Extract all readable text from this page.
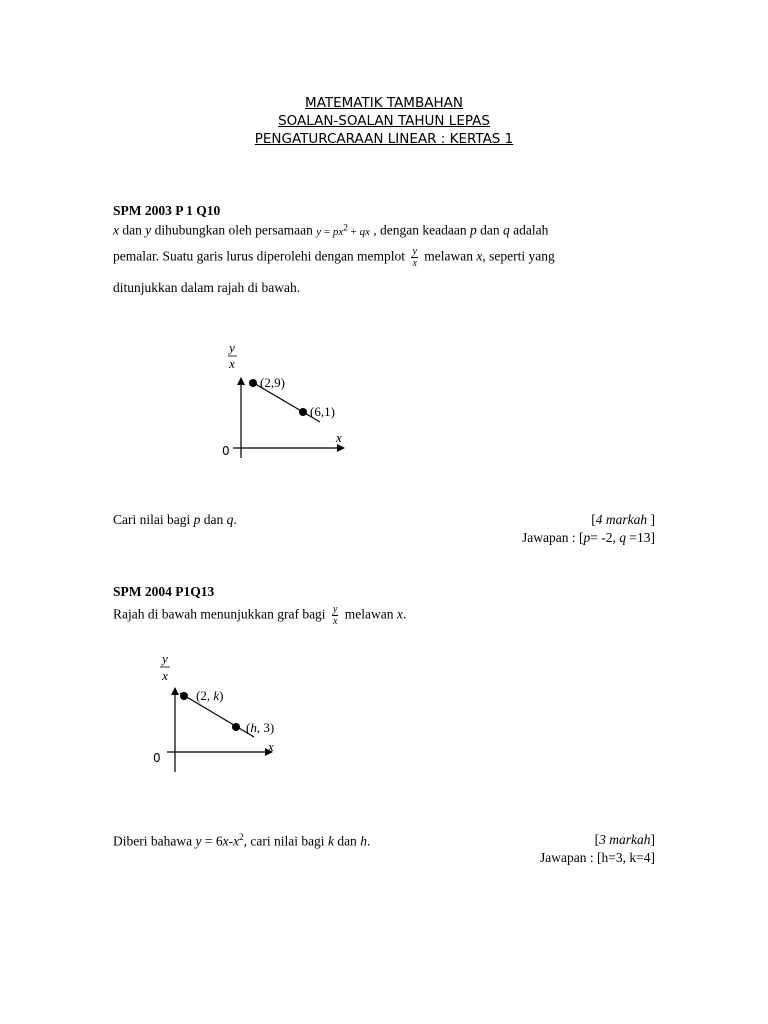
MATEMATIK TAMBAHAN
SOALAN-SOALAN TAHUN LEPAS
PENGATURCARAAN LINEAR : KERTAS 1
SPM 2003 P 1 Q10
x dan y dihubungkan oleh persamaan $y = px^2$ + qx , dengan keadaan p dan q adalah
pemalar. Suatu garis lurus diperolehi dengan memplot $\frac{y}{x}$ melawan x, seperti yang
ditunjukkan dalam rajah di bawah.
y
x
x
0
(2,9)
(6,1)
Cari nilai bagi p dan q.	[4 markah ]
Jawapan : [p= -2, q =13]
SPM 2004 P1Q13
Rajah di bawah menunjukkan graf bagi $\frac{y}{x}$ melawan x.
y
x
x
0
(2, k)
(h, 3)
Diberi bahawa $y = 6x-x^2$, cari nilai bagi k dan h.	[3 markah]
Jawapan : [h=3, k=4]
